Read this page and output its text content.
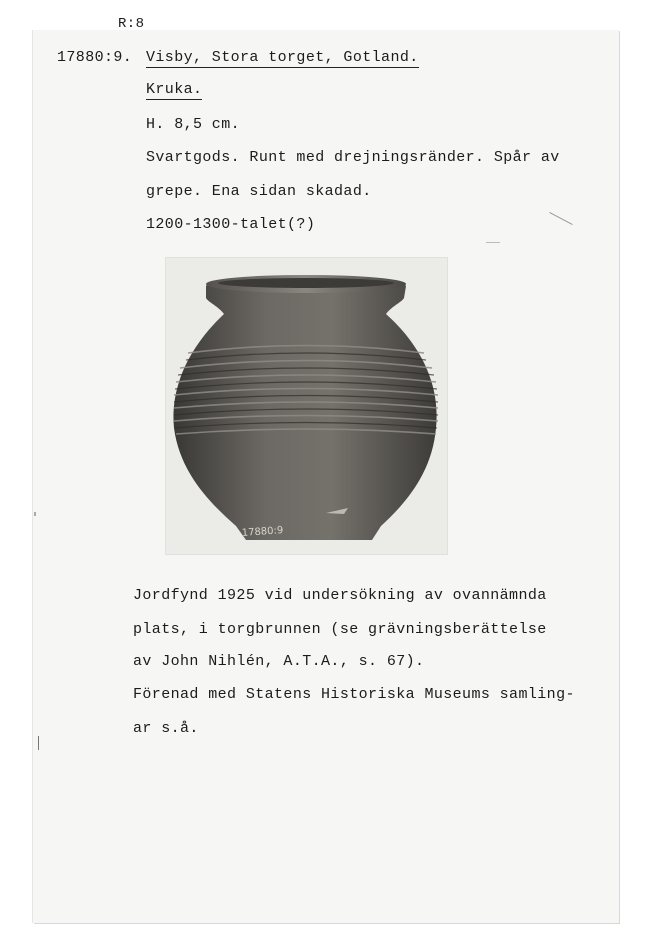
R:8
17880:9. Visby, Stora torget, Gotland.
Kruka.
H. 8,5 cm.
Svartgods. Runt med drejningsränder. Spår av
grepe. Ena sidan skadad.
1200-1300-talet(?)
17880:9
Jordfynd 1925 vid undersökning av ovannämnda
plats, i torgbrunnen (se grävningsberättelse
av John Nihlén, A.T.A., s. 67).
Förenad med Statens Historiska Museums samling-
ar s.å.
